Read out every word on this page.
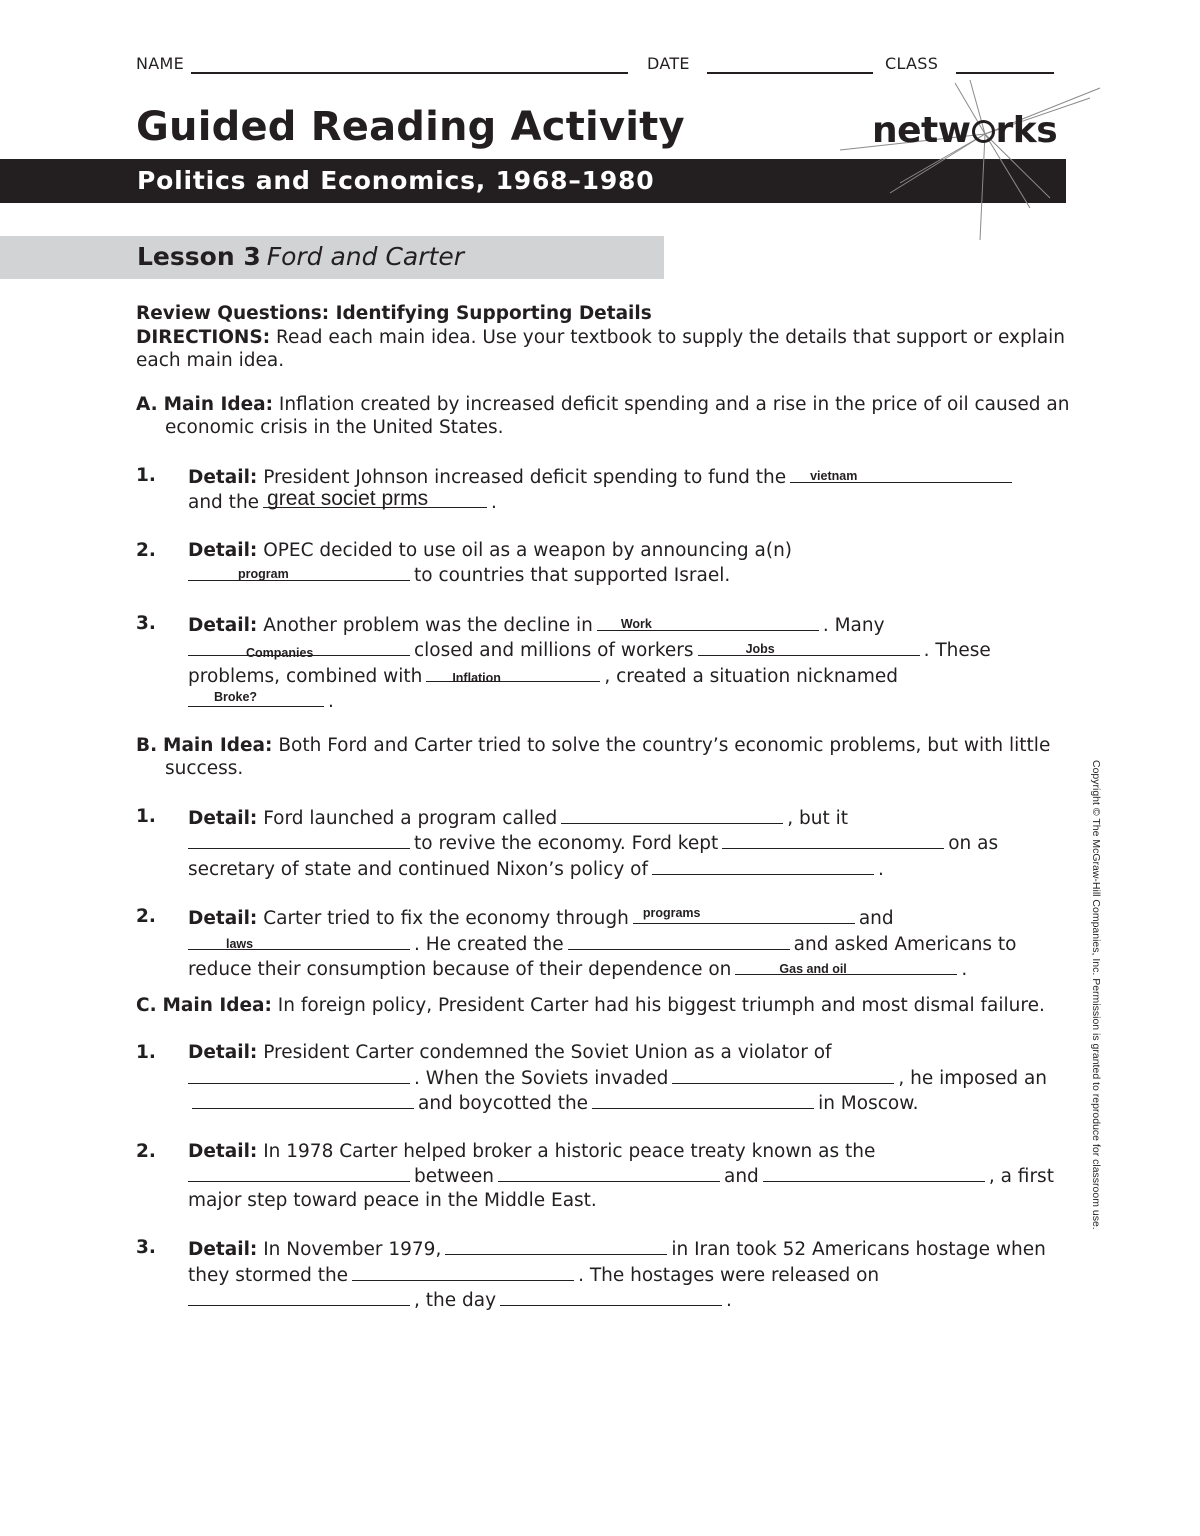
NAME	DATE	CLASS
Guided Reading Activity	netw rks
Politics and Economics, 1968–1980
Lesson 3 Ford and Carter

Review Questions: Identifying Supporting Details

DIRECTIONS: Read each main idea. Use your textbook to supply the details that support or explain each main idea.

A. Main Idea: Inflation created by increased deficit spending and a rise in the price of oil caused an economic crisis in the United States.

1. Detail: President Johnson increased deficit spending to fund the vietnam

and the great societ prms	.

2. Detail: OPEC decided to use oil as a weapon by announcing a(n)

program	to countries that supported Israel.

3. Detail: Another problem was the decline in Work	. Many

Companies	closed and millions of workers	Jobs	. These problems, combined with Inflation	, created a situation nicknamed

Broke?	.

B. Main Idea: Both Ford and Carter tried to solve the country’s economic problems, but with little success.

1. Detail: Ford launched a program called	, but it
to revive the economy. Ford kept	on as secretary of state and continued Nixon’s policy of	.

2. Detail: Carter tried to fix the economy through programs	and

laws	. He created the	and asked Americans to reduce their consumption because of their dependence on	Gas and oil	.

C. Main Idea: In foreign policy, President Carter had his biggest triumph and most dismal failure.

1. Detail: President Carter condemned the Soviet Union as a violator of
. When the Soviets invaded	, he imposed anand boycotted the	in Moscow.

2. Detail: In 1978 Carter helped broker a historic peace treaty known as the
between	and	, a first major step toward peace in the Middle East.

3. Detail: In November 1979,	in Iran took 52 Americans hostage when they stormed the	. The hostages were released on
, the day	.

Copyright © The McGraw-Hill Companies, Inc. Permission is granted to reproduce for classroom use.
